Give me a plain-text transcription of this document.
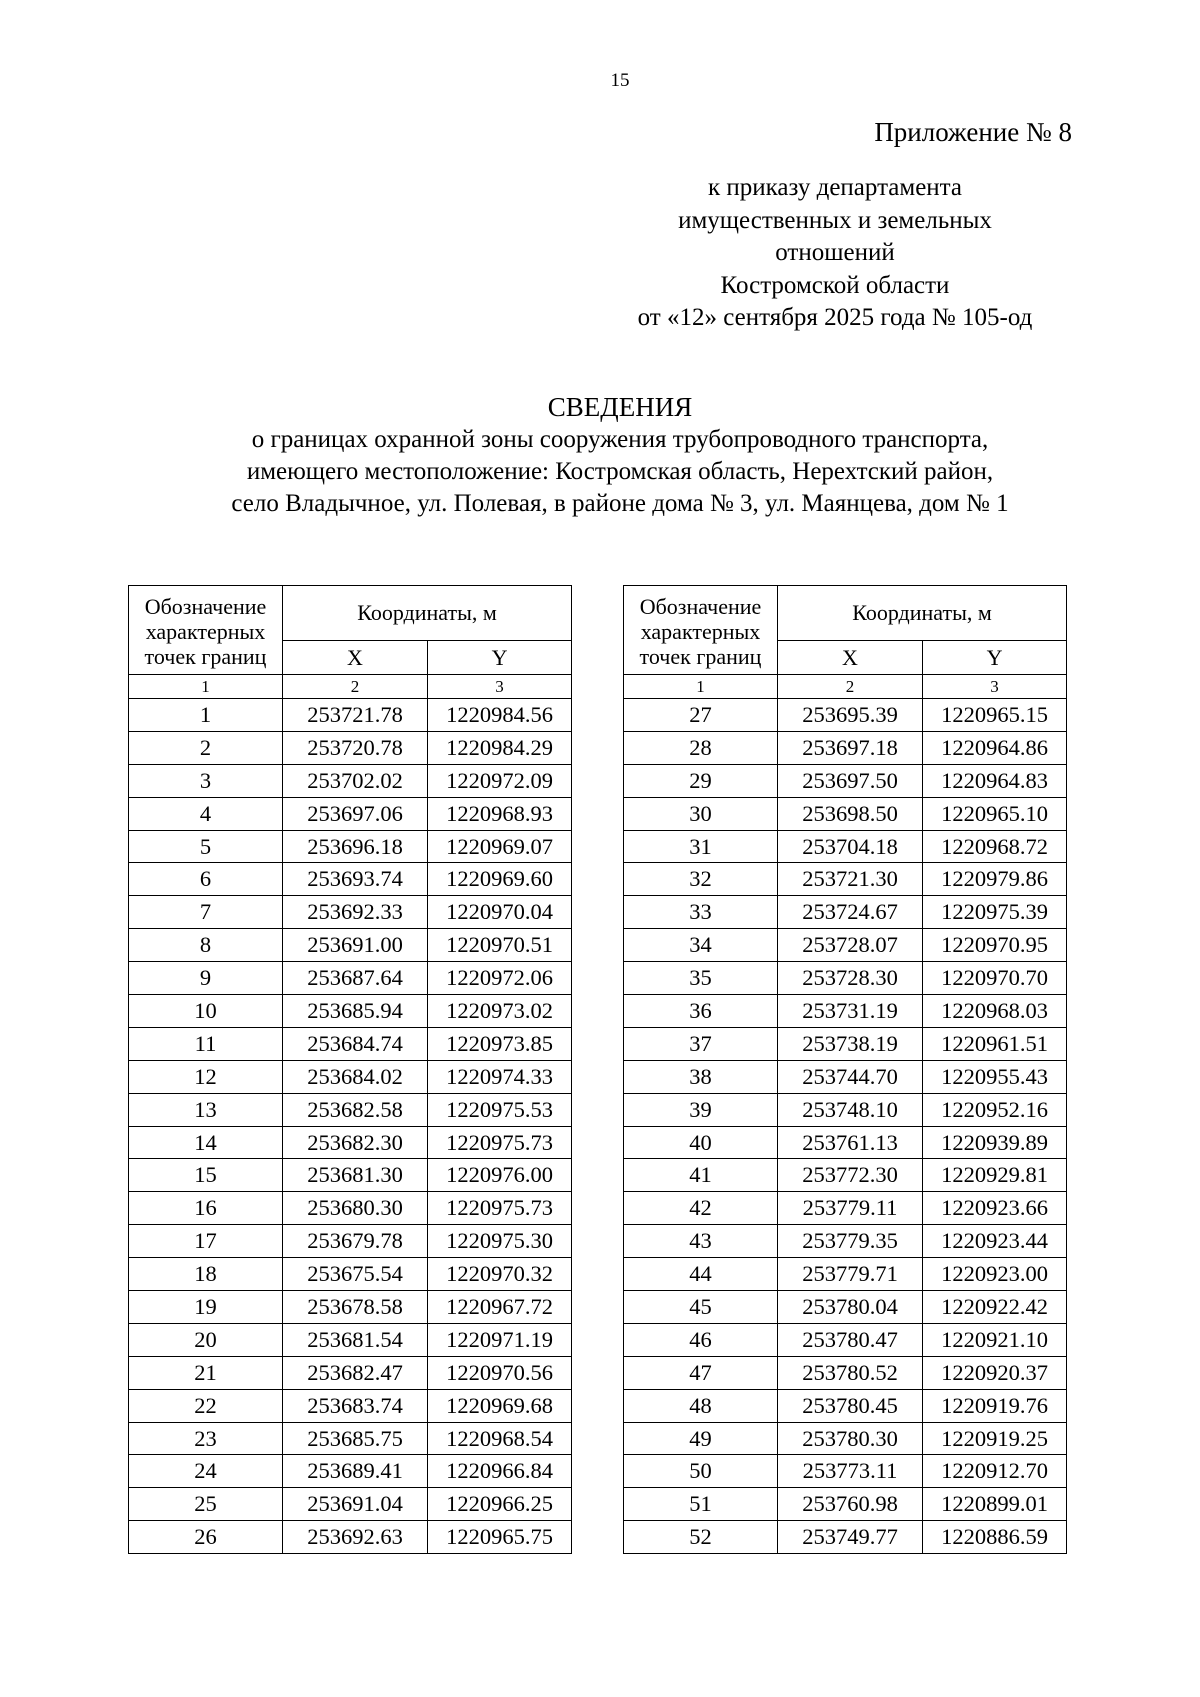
15
Приложение № 8
к приказу департамента
имущественных и земельных
отношений
Костромской области
от «12» сентября 2025 года № 105-од
СВЕДЕНИЯ
о границах охранной зоны сооружения трубопроводного транспорта,
имеющего местоположение: Костромская область, Нерехтский район,
село Владычное, ул. Полевая, в районе дома № 3, ул. Маянцева, дом № 1
Обозначение характерных точек границ	Координаты, м	
	X	Y
1	2	3
1	253721.78	1220984.56
2	253720.78	1220984.29
3	253702.02	1220972.09
4	253697.06	1220968.93
5	253696.18	1220969.07
6	253693.74	1220969.60
7	253692.33	1220970.04
8	253691.00	1220970.51
9	253687.64	1220972.06
10	253685.94	1220973.02
11	253684.74	1220973.85
12	253684.02	1220974.33
13	253682.58	1220975.53
14	253682.30	1220975.73
15	253681.30	1220976.00
16	253680.30	1220975.73
17	253679.78	1220975.30
18	253675.54	1220970.32
19	253678.58	1220967.72
20	253681.54	1220971.19
21	253682.47	1220970.56
22	253683.74	1220969.68
23	253685.75	1220968.54
24	253689.41	1220966.84
25	253691.04	1220966.25
26	253692.63	1220965.75
Обозначение характерных точек границ	Координаты, м	
	X	Y
1	2	3
27	253695.39	1220965.15
28	253697.18	1220964.86
29	253697.50	1220964.83
30	253698.50	1220965.10
31	253704.18	1220968.72
32	253721.30	1220979.86
33	253724.67	1220975.39
34	253728.07	1220970.95
35	253728.30	1220970.70
36	253731.19	1220968.03
37	253738.19	1220961.51
38	253744.70	1220955.43
39	253748.10	1220952.16
40	253761.13	1220939.89
41	253772.30	1220929.81
42	253779.11	1220923.66
43	253779.35	1220923.44
44	253779.71	1220923.00
45	253780.04	1220922.42
46	253780.47	1220921.10
47	253780.52	1220920.37
48	253780.45	1220919.76
49	253780.30	1220919.25
50	253773.11	1220912.70
51	253760.98	1220899.01
52	253749.77	1220886.59
